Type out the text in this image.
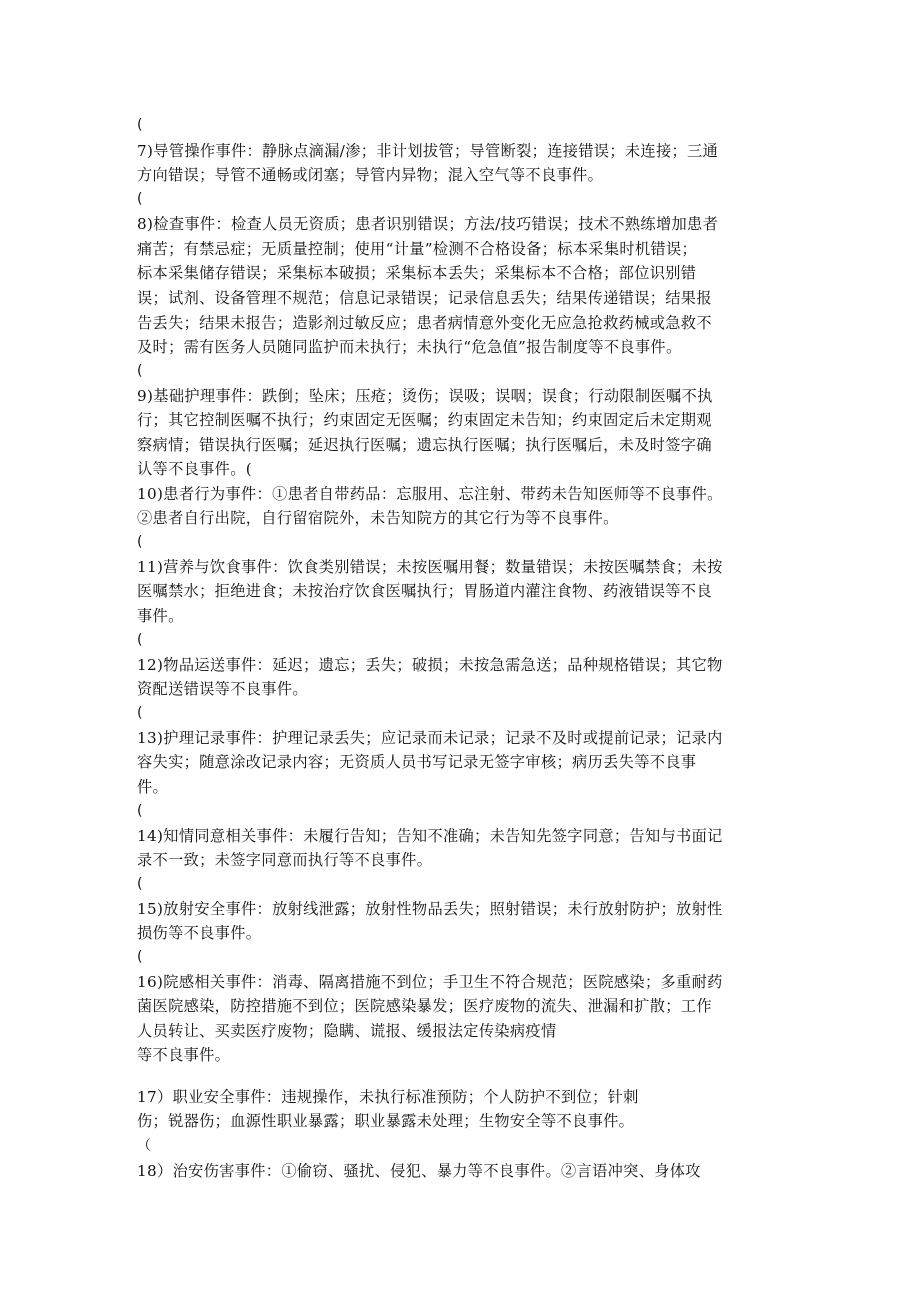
(
7)导管操作事件：静脉点滴漏/渗；非计划拔管；导管断裂；连接错误；未连接；三通
方向错误；导管不通畅或闭塞；导管内异物；混入空气等不良事件。
(
8)检查事件：检查人员无资质；患者识别错误；方法/技巧错误；技术不熟练增加患者
痛苦；有禁忌症；无质量控制；使用“计量”检测不合格设备；标本采集时机错误；
标本采集储存错误；采集标本破损；采集标本丢失；采集标本不合格；部位识别错
误；试剂、设备管理不规范；信息记录错误；记录信息丢失；结果传递错误；结果报
告丢失；结果未报告；造影剂过敏反应；患者病情意外变化无应急抢救药械或急救不
及时；需有医务人员随同监护而未执行；未执行“危急值”报告制度等不良事件。
(
9)基础护理事件：跌倒；坠床；压疮；烫伤；误吸；误咽；误食；行动限制医嘱不执
行；其它控制医嘱不执行；约束固定无医嘱；约束固定未告知；约束固定后未定期观
察病情；错误执行医嘱；延迟执行医嘱；遗忘执行医嘱；执行医嘱后，未及时签字确
认等不良事件。(
10)患者行为事件：①患者自带药品：忘服用、忘注射、带药未告知医师等不良事件。
②患者自行出院，自行留宿院外，未告知院方的其它行为等不良事件。
(
11)营养与饮食事件：饮食类别错误；未按医嘱用餐；数量错误；未按医嘱禁食；未按
医嘱禁水；拒绝进食；未按治疗饮食医嘱执行；胃肠道内灌注食物、药液错误等不良
事件。
(
12)物品运送事件：延迟；遗忘；丢失；破损；未按急需急送；品种规格错误；其它物
资配送错误等不良事件。
(
13)护理记录事件：护理记录丢失；应记录而未记录；记录不及时或提前记录；记录内
容失实；随意涂改记录内容；无资质人员书写记录无签字审核；病历丢失等不良事
件。
(
14)知情同意相关事件：未履行告知；告知不准确；未告知先签字同意；告知与书面记
录不一致；未签字同意而执行等不良事件。
(
15)放射安全事件：放射线泄露；放射性物品丢失；照射错误；未行放射防护；放射性
损伤等不良事件。
(
16)院感相关事件：消毒、隔离措施不到位；手卫生不符合规范；医院感染；多重耐药
菌医院感染，防控措施不到位；医院感染暴发；医疗废物的流失、泄漏和扩散；工作
人员转让、买卖医疗废物；隐瞒、谎报、缓报法定传染病疫情
等不良事件。
17）职业安全事件：违规操作，未执行标准预防；个人防护不到位；针刺
伤；锐器伤；血源性职业暴露；职业暴露未处理；生物安全等不良事件。
（
18）治安伤害事件：①偷窃、骚扰、侵犯、暴力等不良事件。②言语冲突、身体攻
